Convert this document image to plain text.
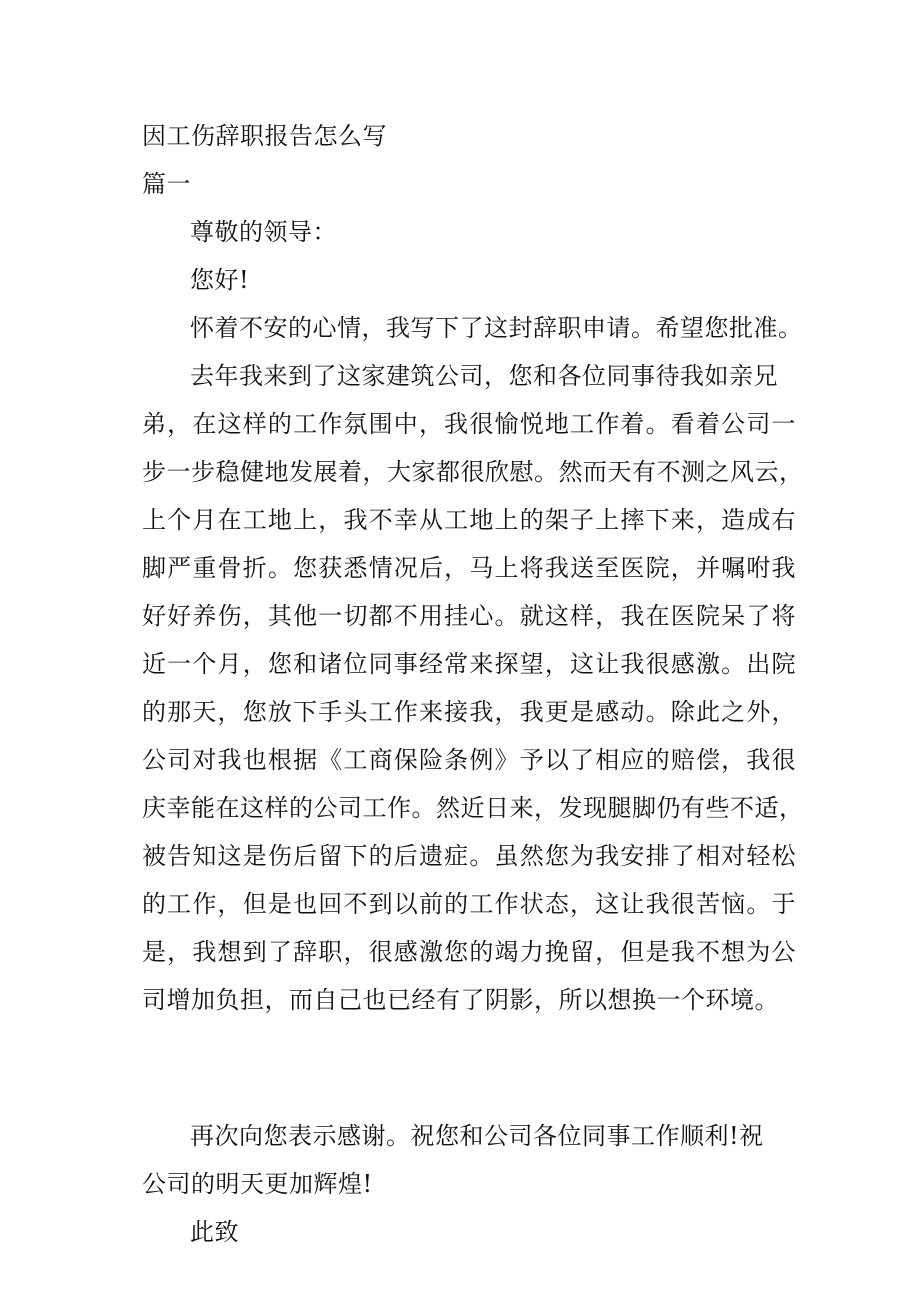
因工伤辞职报告怎么写
篇一
尊敬的领导：
您好!
怀着不安的心情，我写下了这封辞职申请。希望您批准。
去年我来到了这家建筑公司，您和各位同事待我如亲兄
弟，在这样的工作氛围中，我很愉悦地工作着。看着公司一
步一步稳健地发展着，大家都很欣慰。然而天有不测之风云，
上个月在工地上，我不幸从工地上的架子上摔下来，造成右
脚严重骨折。您获悉情况后，马上将我送至医院，并嘱咐我
好好养伤，其他一切都不用挂心。就这样，我在医院呆了将
近一个月，您和诸位同事经常来探望，这让我很感激。出院
的那天，您放下手头工作来接我，我更是感动。除此之外，
公司对我也根据《工商保险条例》予以了相应的赔偿，我很
庆幸能在这样的公司工作。然近日来，发现腿脚仍有些不适，
被告知这是伤后留下的后遗症。虽然您为我安排了相对轻松
的工作，但是也回不到以前的工作状态，这让我很苦恼。于
是，我想到了辞职，很感激您的竭力挽留，但是我不想为公
司增加负担，而自己也已经有了阴影，所以想换一个环境。
再次向您表示感谢。祝您和公司各位同事工作顺利!祝
公司的明天更加辉煌!
此致
